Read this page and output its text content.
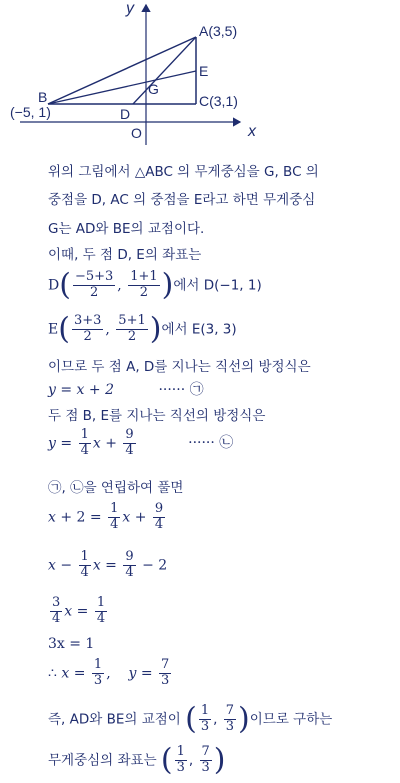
y
x
O
A(3,5)
B
(−5, 1)
C(3,1)
D
E
G
위의 그림에서 △ABC 의 무게중심을 G, BC 의
중점을 D, AC 의 중점을 E라고 하면 무게중심
G는 AD와 BE의 교점이다.
이때, 두 점 D, E의 좌표는
$D( \frac{-5+3}{2}$ , $\frac{1+1}{2}$ )에서 D(−1, 1)
$E( \frac{3+3}{2}$ , $\frac{5+1}{2}$ )에서 E(3, 3)
이므로 두 점 A, D를 지나는 직선의 방정식은
y = x + 2	······ ㉠
두 점 B, E를 지나는 직선의 방정식은
$y = \frac{1}{4}$ $x + \frac{9}{4}$	······ ㉡
㉠, ㉡을 연립하여 풀면
$x + 2 = \frac{1}{4}$ $x + \frac{9}{4}$
$x - \frac{1}{4}$ $x = \frac{9}{4} - 2$
$\frac{3}{4}$ $x = \frac{1}{4}$
3x = 1
∴ $x = \frac{1}{3}$ ,    $y = \frac{7}{3}$
즉, AD와 BE의 교점이 ( $\frac{1}{3}$ , $\frac{7}{3}$ )이므로 구하는
무게중심의 좌표는 ( $\frac{1}{3}$ , $\frac{7}{3}$ )
